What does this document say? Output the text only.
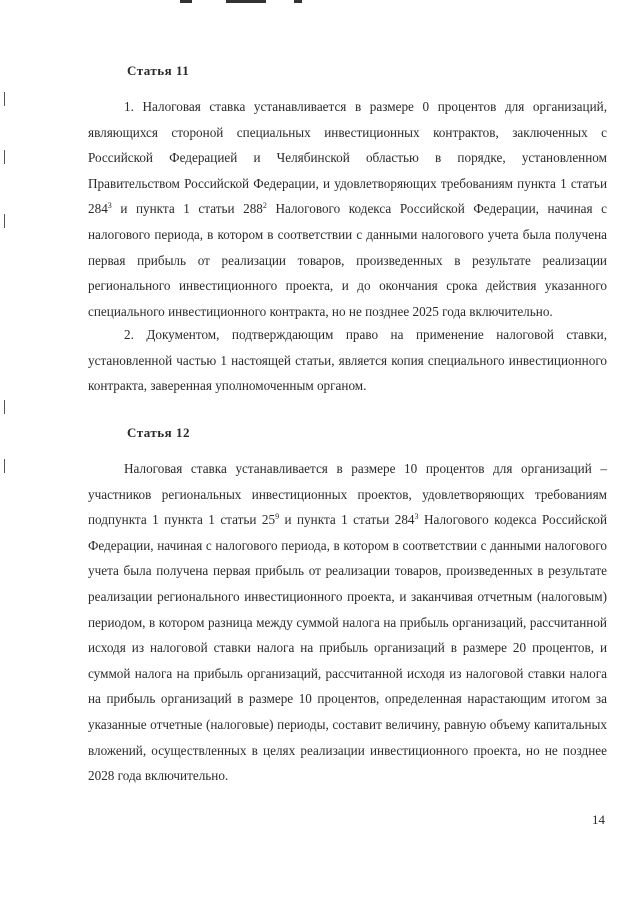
Статья 11

1. Налоговая ставка устанавливается в размере 0 процентов для организаций, являющихся стороной специальных инвестиционных контрактов, заключенных с Российской Федерацией и Челябинской областью в порядке, установленном Правительством Российской Федерации, и удовлетворяющих требованиям пункта 1 статьи $284^3$ и пункта 1 статьи $288^2$ Налогового кодекса Российской Федерации, начиная с налогового периода, в котором в соответствии с данными налогового учета была получена первая прибыль от реализации товаров, произведенных в результате реализации регионального инвестиционного проекта, и до окончания срока действия указанного специального инвестиционного контракта, но не позднее 2025 года включительно.

2. Документом, подтверждающим право на применение налоговой ставки, установленной частью 1 настоящей статьи, является копия специального инвестиционного контракта, заверенная уполномоченным органом.

Статья 12

Налоговая ставка устанавливается в размере 10 процентов для организаций – участников региональных инвестиционных проектов, удовлетворяющих требованиям подпункта 1 пункта 1 статьи $25^9$ и пункта 1 статьи $284^3$ Налогового кодекса Российской Федерации, начиная с налогового периода, в котором в соответствии с данными налогового учета была получена первая прибыль от реализации товаров, произведенных в результате реализации регионального инвестиционного проекта, и заканчивая отчетным (налоговым) периодом, в котором разница между суммой налога на прибыль организаций, рассчитанной исходя из налоговой ставки налога на прибыль организаций в размере 20 процентов, и суммой налога на прибыль организаций, рассчитанной исходя из налоговой ставки налога на прибыль организаций в размере 10 процентов, определенная нарастающим итогом за указанные отчетные (налоговые) периоды, составит величину, равную объему капитальных вложений, осуществленных в целях реализации инвестиционного проекта, но не позднее 2028 года включительно.

14
